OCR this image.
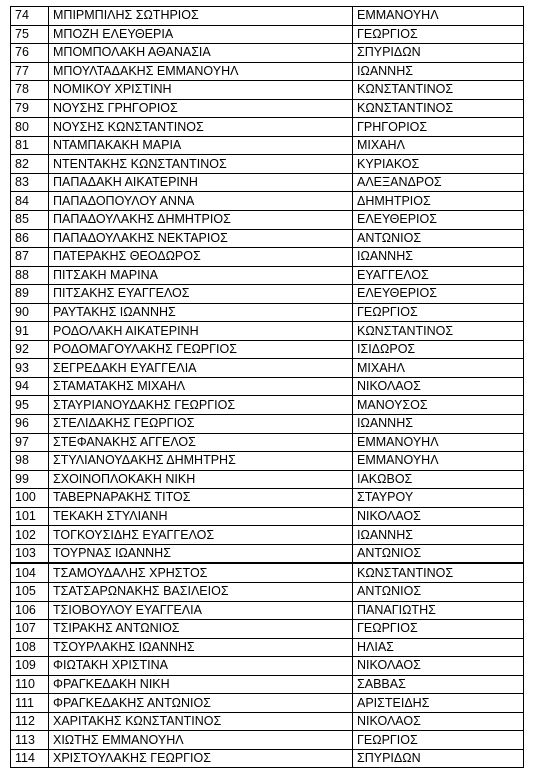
74	ΜΠΙΡΜΠΙΛΗΣ ΣΩΤΗΡΙΟΣ	ΕΜΜΑΝΟΥΗΛ
75	ΜΠΟΖΗ ΕΛΕΥΘΕΡΙΑ	ΓΕΩΡΓΙΟΣ
76	ΜΠΟΜΠΟΛΑΚΗ ΑΘΑΝΑΣΙΑ	ΣΠΥΡΙΔΩΝ
77	ΜΠΟΥΛΤΑΔΑΚΗΣ ΕΜΜΑΝΟΥΗΛ	ΙΩΑΝΝΗΣ
78	ΝΟΜΙΚΟΥ ΧΡΙΣΤΙΝΗ	ΚΩΝΣΤΑΝΤΙΝΟΣ
79	ΝΟΥΣΗΣ ΓΡΗΓΟΡΙΟΣ	ΚΩΝΣΤΑΝΤΙΝΟΣ
80	ΝΟΥΣΗΣ ΚΩΝΣΤΑΝΤΙΝΟΣ	ΓΡΗΓΟΡΙΟΣ
81	ΝΤΑΜΠΑΚΑΚΗ ΜΑΡΙΑ	ΜΙΧΑΗΛ
82	ΝΤΕΝΤΑΚΗΣ ΚΩΝΣΤΑΝΤΙΝΟΣ	ΚΥΡΙΑΚΟΣ
83	ΠΑΠΑΔΑΚΗ ΑΙΚΑΤΕΡΙΝΗ	ΑΛΕΞΑΝΔΡΟΣ
84	ΠΑΠΑΔΟΠΟΥΛΟΥ ΑΝΝΑ	ΔΗΜΗΤΡΙΟΣ
85	ΠΑΠΑΔΟΥΛΑΚΗΣ ΔΗΜΗΤΡΙΟΣ	ΕΛΕΥΘΕΡΙΟΣ
86	ΠΑΠΑΔΟΥΛΑΚΗΣ ΝΕΚΤΑΡΙΟΣ	ΑΝΤΩΝΙΟΣ
87	ΠΑΤΕΡΑΚΗΣ ΘΕΟΔΩΡΟΣ	ΙΩΑΝΝΗΣ
88	ΠΙΤΣΑΚΗ ΜΑΡΙΝΑ	ΕΥΑΓΓΕΛΟΣ
89	ΠΙΤΣΑΚΗΣ ΕΥΑΓΓΕΛΟΣ	ΕΛΕΥΘΕΡΙΟΣ
90	ΡΑΥΤΑΚΗΣ ΙΩΑΝΝΗΣ	ΓΕΩΡΓΙΟΣ
91	ΡΟΔΟΛΑΚΗ ΑΙΚΑΤΕΡΙΝΗ	ΚΩΝΣΤΑΝΤΙΝΟΣ
92	ΡΟΔΟΜΑΓΟΥΛΑΚΗΣ ΓΕΩΡΓΙΟΣ	ΙΣΙΔΩΡΟΣ
93	ΣΕΓΡΕΔΑΚΗ ΕΥΑΓΓΕΛΙΑ	ΜΙΧΑΗΛ
94	ΣΤΑΜΑΤΑΚΗΣ ΜΙΧΑΗΛ	ΝΙΚΟΛΑΟΣ
95	ΣΤΑΥΡΙΑΝΟΥΔΑΚΗΣ ΓΕΩΡΓΙΟΣ	ΜΑΝΟΥΣΟΣ
96	ΣΤΕΛΙΔΑΚΗΣ ΓΕΩΡΓΙΟΣ	ΙΩΑΝΝΗΣ
97	ΣΤΕΦΑΝΑΚΗΣ ΑΓΓΕΛΟΣ	ΕΜΜΑΝΟΥΗΛ
98	ΣΤΥΛΙΑΝΟΥΔΑΚΗΣ ΔΗΜΗΤΡΗΣ	ΕΜΜΑΝΟΥΗΛ
99	ΣΧΟΙΝΟΠΛΟΚΑΚΗ ΝΙΚΗ	ΙΑΚΩΒΟΣ
100	ΤΑΒΕΡΝΑΡΑΚΗΣ ΤΙΤΟΣ	ΣΤΑΥΡΟΥ
101	ΤΕΚΑΚΗ ΣΤΥΛΙΑΝΗ	ΝΙΚΟΛΑΟΣ
102	ΤΟΓΚΟΥΣΙΔΗΣ ΕΥΑΓΓΕΛΟΣ	ΙΩΑΝΝΗΣ
103	ΤΟΥΡΝΑΣ ΙΩΑΝΝΗΣ	ΑΝΤΩΝΙΟΣ
104	ΤΣΑΜΟΥΔΑΛΗΣ ΧΡΗΣΤΟΣ	ΚΩΝΣΤΑΝΤΙΝΟΣ
105	ΤΣΑΤΣΑΡΩΝΑΚΗΣ ΒΑΣΙΛΕΙΟΣ	ΑΝΤΩΝΙΟΣ
106	ΤΣΙΟΒΟΥΛΟΥ ΕΥΑΓΓΕΛΙΑ	ΠΑΝΑΓΙΩΤΗΣ
107	ΤΣΙΡΑΚΗΣ ΑΝΤΩΝΙΟΣ	ΓΕΩΡΓΙΟΣ
108	ΤΣΟΥΡΛΑΚΗΣ ΙΩΑΝΝΗΣ	ΗΛΙΑΣ
109	ΦΙΩΤΑΚΗ ΧΡΙΣΤΙΝΑ	ΝΙΚΟΛΑΟΣ
110	ΦΡΑΓΚΕΔΑΚΗ ΝΙΚΗ	ΣΑΒΒΑΣ
111	ΦΡΑΓΚΕΔΑΚΗΣ ΑΝΤΩΝΙΟΣ	ΑΡΙΣΤΕΙΔΗΣ
112	ΧΑΡΙΤΑΚΗΣ ΚΩΝΣΤΑΝΤΙΝΟΣ	ΝΙΚΟΛΑΟΣ
113	ΧΙΩΤΗΣ ΕΜΜΑΝΟΥΗΛ	ΓΕΩΡΓΙΟΣ
114	ΧΡΙΣΤΟΥΛΑΚΗΣ ΓΕΩΡΓΙΟΣ	ΣΠΥΡΙΔΩΝ
